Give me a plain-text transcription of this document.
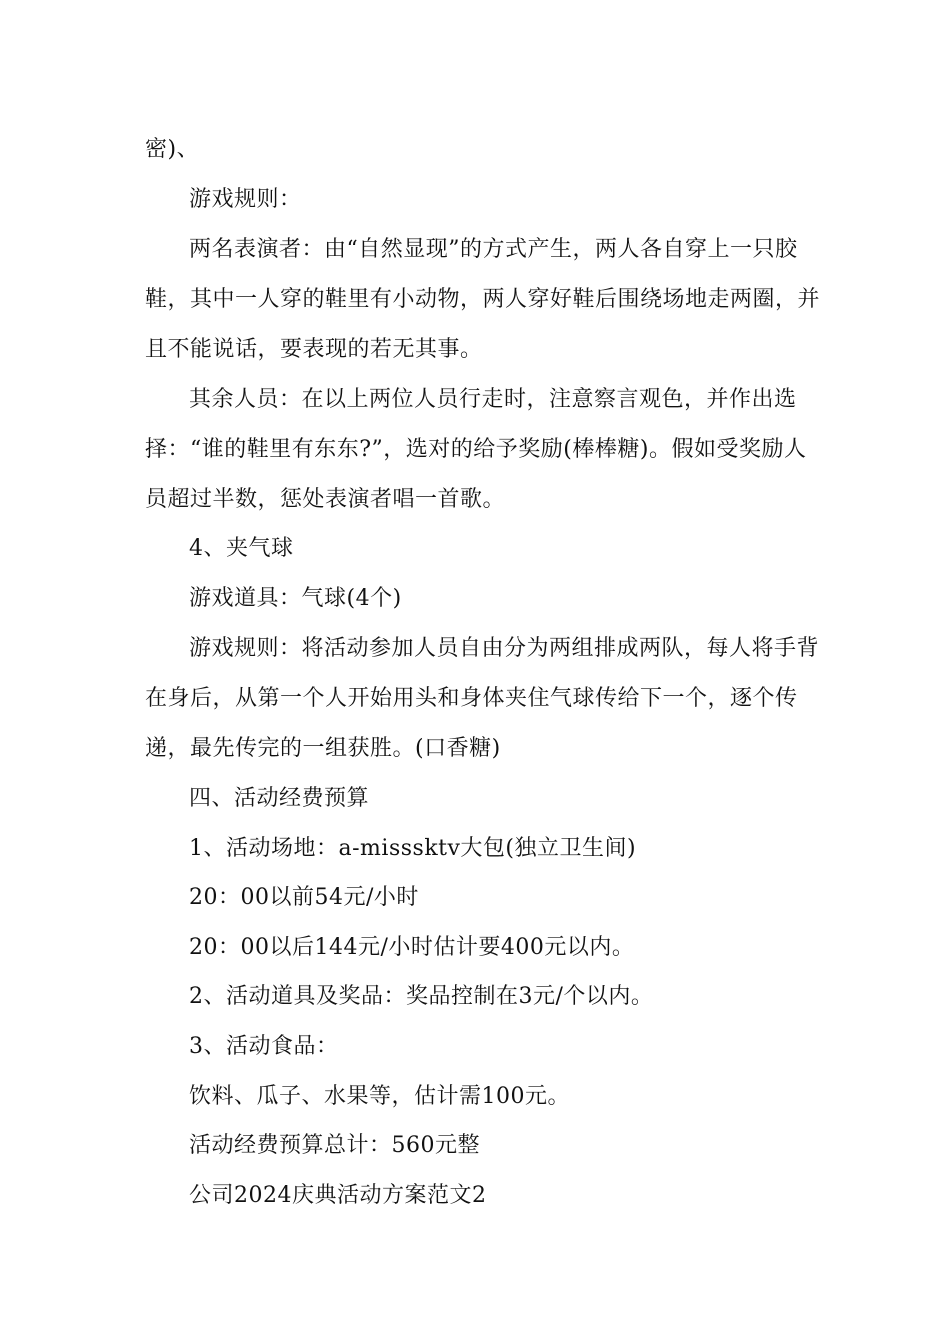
密)、

游戏规则：

两名表演者：由“自然显现”的方式产生，两人各自穿上一只胶鞋，其中一人穿的鞋里有小动物，两人穿好鞋后围绕场地走两圈，并且不能说话，要表现的若无其事。

其余人员：在以上两位人员行走时，注意察言观色，并作出选择：“谁的鞋里有东东?”，选对的给予奖励(棒棒糖)。假如受奖励人员超过半数，惩处表演者唱一首歌。

4、夹气球

游戏道具：气球(4个)

游戏规则：将活动参加人员自由分为两组排成两队，每人将手背在身后，从第一个人开始用头和身体夹住气球传给下一个，逐个传递，最先传完的一组获胜。(口香糖)

四、活动经费预算

1、活动场地：a-misssktv大包(独立卫生间)

20：00以前54元/小时

20：00以后144元/小时估计要400元以内。

2、活动道具及奖品：奖品控制在3元/个以内。

3、活动食品：

饮料、瓜子、水果等，估计需100元。

活动经费预算总计：560元整

公司2024庆典活动方案范文2
